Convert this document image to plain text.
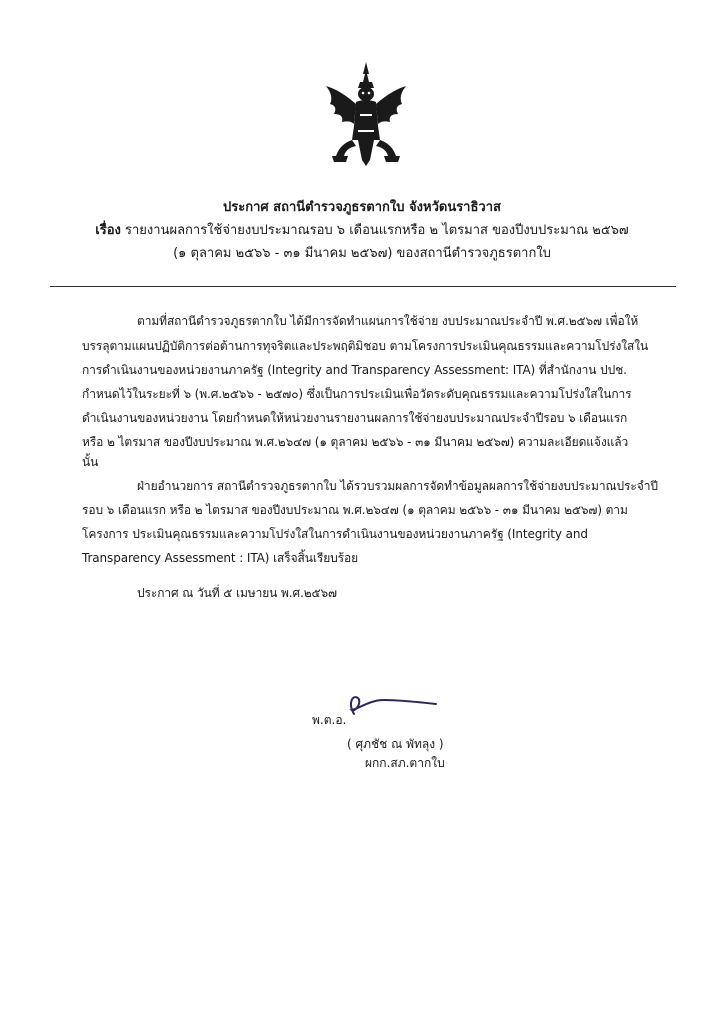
ประกาศ สถานีตำรวจภูธรตากใบ จังหวัดนราธิวาส
เรื่อง รายงานผลการใช้จ่ายงบประมาณรอบ ๖ เดือนแรกหรือ ๒ ไตรมาส ของปีงบประมาณ ๒๕๖๗
(๑ ตุลาคม ๒๕๖๖ - ๓๑ มีนาคม ๒๕๖๗) ของสถานีตำรวจภูธรตากใบ
ตามที่สถานีตำรวจภูธรตากใบ ได้มีการจัดทำแผนการใช้จ่าย งบประมาณประจำปี พ.ศ.๒๕๖๗ เพื่อให้
บรรลุตามแผนปฏิบัติการต่อต้านการทุจริตและประพฤติมิชอบ ตามโครงการประเมินคุณธรรมและความโปร่งใสใน
การดำเนินงานของหน่วยงานภาครัฐ (Integrity and Transparency Assessment: ITA) ที่สำนักงาน ปปช.
กำหนดไว้ในระยะที่ ๖ (พ.ศ.๒๕๖๖ - ๒๕๗๐) ซึ่งเป็นการประเมินเพื่อวัดระดับคุณธรรมและความโปร่งใสในการ
ดำเนินงานของหน่วยงาน โดยกำหนดให้หน่วยงานรายงานผลการใช้จ่ายงบประมาณประจำปีรอบ ๖ เดือนแรก
หรือ ๒ ไตรมาส ของปีงบประมาณ พ.ศ.๒๖๔๗ (๑ ตุลาคม ๒๕๖๖ - ๓๑ มีนาคม ๒๕๖๗) ความละเอียดแจ้งแล้ว
นั้น
ฝ่ายอำนวยการ สถานีตำรวจภูธรตากใบ ได้รวบรวมผลการจัดทำข้อมูลผลการใช้จ่ายงบประมาณประจำปี
รอบ ๖ เดือนแรก หรือ ๒ ไตรมาส ของปีงบประมาณ พ.ศ.๒๖๔๗ (๑ ตุลาคม ๒๕๖๖ - ๓๑ มีนาคม ๒๕๖๗) ตาม
โครงการ ประเมินคุณธรรมและความโปร่งใสในการดำเนินงานของหน่วยงานภาครัฐ (Integrity and
Transparency Assessment : ITA) เสร็จสิ้นเรียบร้อย
ประกาศ ณ วันที่ ๕ เมษายน พ.ศ.๒๕๖๗
พ.ต.อ.
( ศุภชัช ณ พัทลุง )
ผกก.สภ.ตากใบ
